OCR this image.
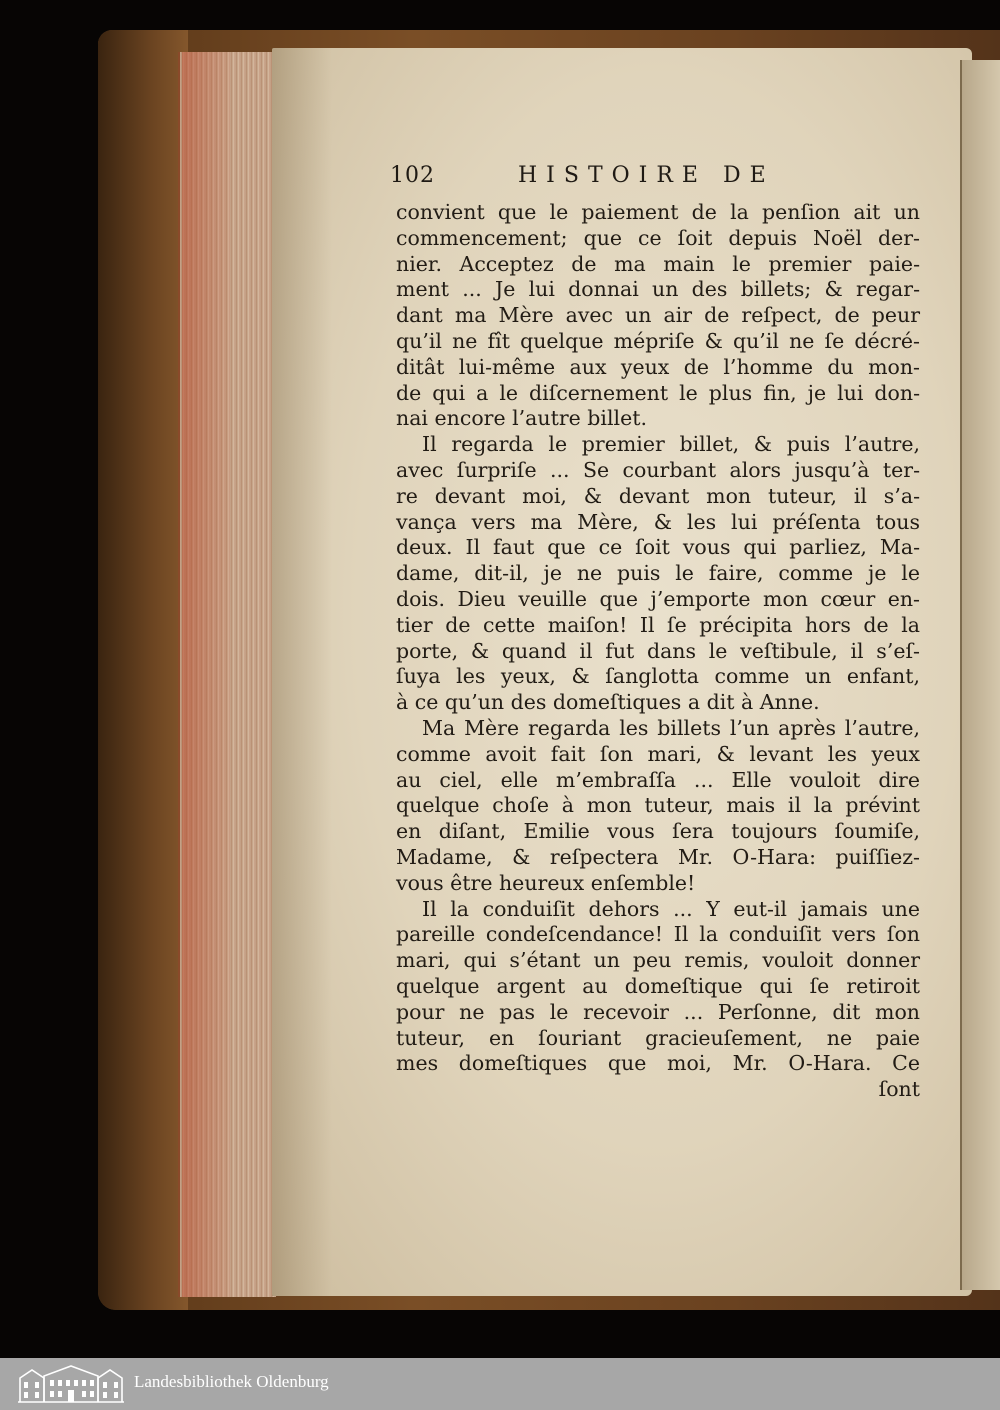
102	HISTOIRE DE
convient que le paiement de la penſion ait un
commencement; que ce ſoit depuis Noël der-
nier. Acceptez de ma main le premier paie-
ment ... Je lui donnai un des billets; & regar-
dant ma Mère avec un air de reſpect, de peur
qu’il ne fît quelque mépriſe & qu’il ne ſe décré-
ditât lui-même aux yeux de l’homme du mon-
de qui a le diſcernement le plus fin, je lui don-
nai encore l’autre billet.
Il regarda le premier billet, & puis l’autre,
avec ſurpriſe ... Se courbant alors jusqu’à ter-
re devant moi, & devant mon tuteur, il s’a-
vança vers ma Mère, & les lui préſenta tous
deux. Il faut que ce ſoit vous qui parliez, Ma-
dame, dit-il, je ne puis le faire, comme je le
dois. Dieu veuille que j’emporte mon cœur en-
tier de cette maiſon! Il ſe précipita hors de la
porte, & quand il fut dans le veſtibule, il s’eſ-
ſuya les yeux, & ſanglotta comme un enfant,
à ce qu’un des domeſtiques a dit à Anne.
Ma Mère regarda les billets l’un après l’autre,
comme avoit fait ſon mari, & levant les yeux
au ciel, elle m’embraſſa ... Elle vouloit dire
quelque choſe à mon tuteur, mais il la prévint
en diſant, Emilie vous ſera toujours ſoumiſe,
Madame, & reſpectera Mr. O-Hara: puiſſiez-
vous être heureux enſemble!
Il la conduiſit dehors ... Y eut-il jamais une
pareille condeſcendance! Il la conduiſit vers ſon
mari, qui s’étant un peu remis, vouloit donner
quelque argent au domeſtique qui ſe retiroit
pour ne pas le recevoir ... Perſonne, dit mon
tuteur, en ſouriant gracieuſement, ne paie
mes domeſtiques que moi, Mr. O-Hara. Ce
ſont
Landesbibliothek Oldenburg
